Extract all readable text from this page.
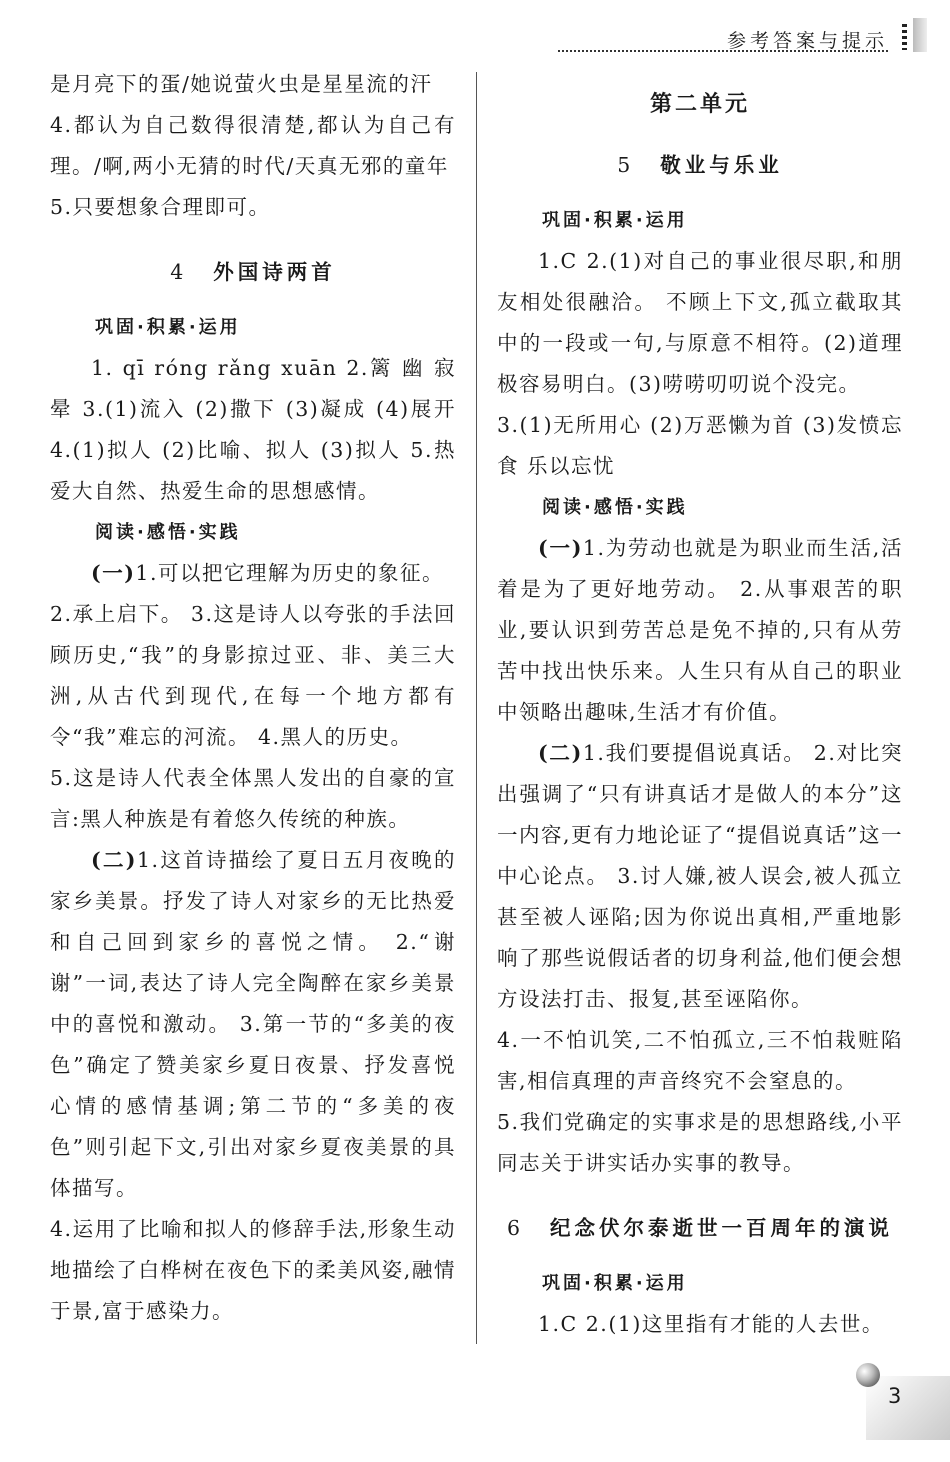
参考答案与提示

是月亮下的蛋/她说萤火虫是星星流的汗

4.都认为自己数得很清楚,都认为自己有理。/啊,两小无猜的时代/天真无邪的童年

5.只要想象合理即可。

4 外国诗两首

巩固·积累·运用

1. qī róng rǎng xuān 2.篱 幽 寂 晕 3.(1)流入 (2)撒下 (3)凝成 (4)展开 4.(1)拟人 (2)比喻、拟人 (3)拟人 5.热爱大自然、热爱生命的思想感情。

阅读·感悟·实践

(一)1.可以把它理解为历史的象征。

2.承上启下。 3.这是诗人以夸张的手法回顾历史,“我”的身影掠过亚、非、美三大洲,从古代到现代,在每一个地方都有令“我”难忘的河流。 4.黑人的历史。

5.这是诗人代表全体黑人发出的自豪的宣言:黑人种族是有着悠久传统的种族。

(二)1.这首诗描绘了夏日五月夜晚的家乡美景。抒发了诗人对家乡的无比热爱和自己回到家乡的喜悦之情。 2.“谢谢”一词,表达了诗人完全陶醉在家乡美景中的喜悦和激动。 3.第一节的“多美的夜色”确定了赞美家乡夏日夜景、抒发喜悦心情的感情基调;第二节的“多美的夜色”则引起下文,引出对家乡夏夜美景的具体描写。

4.运用了比喻和拟人的修辞手法,形象生动地描绘了白桦树在夜色下的柔美风姿,融情于景,富于感染力。

第二单元

5 敬业与乐业

巩固·积累·运用

1.C 2.(1)对自己的事业很尽职,和朋友相处很融洽。 不顾上下文,孤立截取其中的一段或一句,与原意不相符。(2)道理极容易明白。(3)唠唠叨叨说个没完。

3.(1)无所用心 (2)万恶懒为首 (3)发愤忘食 乐以忘忧

阅读·感悟·实践

(一)1.为劳动也就是为职业而生活,活着是为了更好地劳动。 2.从事艰苦的职业,要认识到劳苦总是免不掉的,只有从劳苦中找出快乐来。人生只有从自己的职业中领略出趣味,生活才有价值。

(二)1.我们要提倡说真话。 2.对比突出强调了“只有讲真话才是做人的本分”这一内容,更有力地论证了“提倡说真话”这一中心论点。 3.讨人嫌,被人误会,被人孤立甚至被人诬陷;因为你说出真相,严重地影响了那些说假话者的切身利益,他们便会想方设法打击、报复,甚至诬陷你。

4.一不怕讥笑,二不怕孤立,三不怕栽赃陷害,相信真理的声音终究不会窒息的。

5.我们党确定的实事求是的思想路线,小平同志关于讲实话办实事的教导。

6 纪念伏尔泰逝世一百周年的演说

巩固·积累·运用

1.C 2.(1)这里指有才能的人去世。

3
